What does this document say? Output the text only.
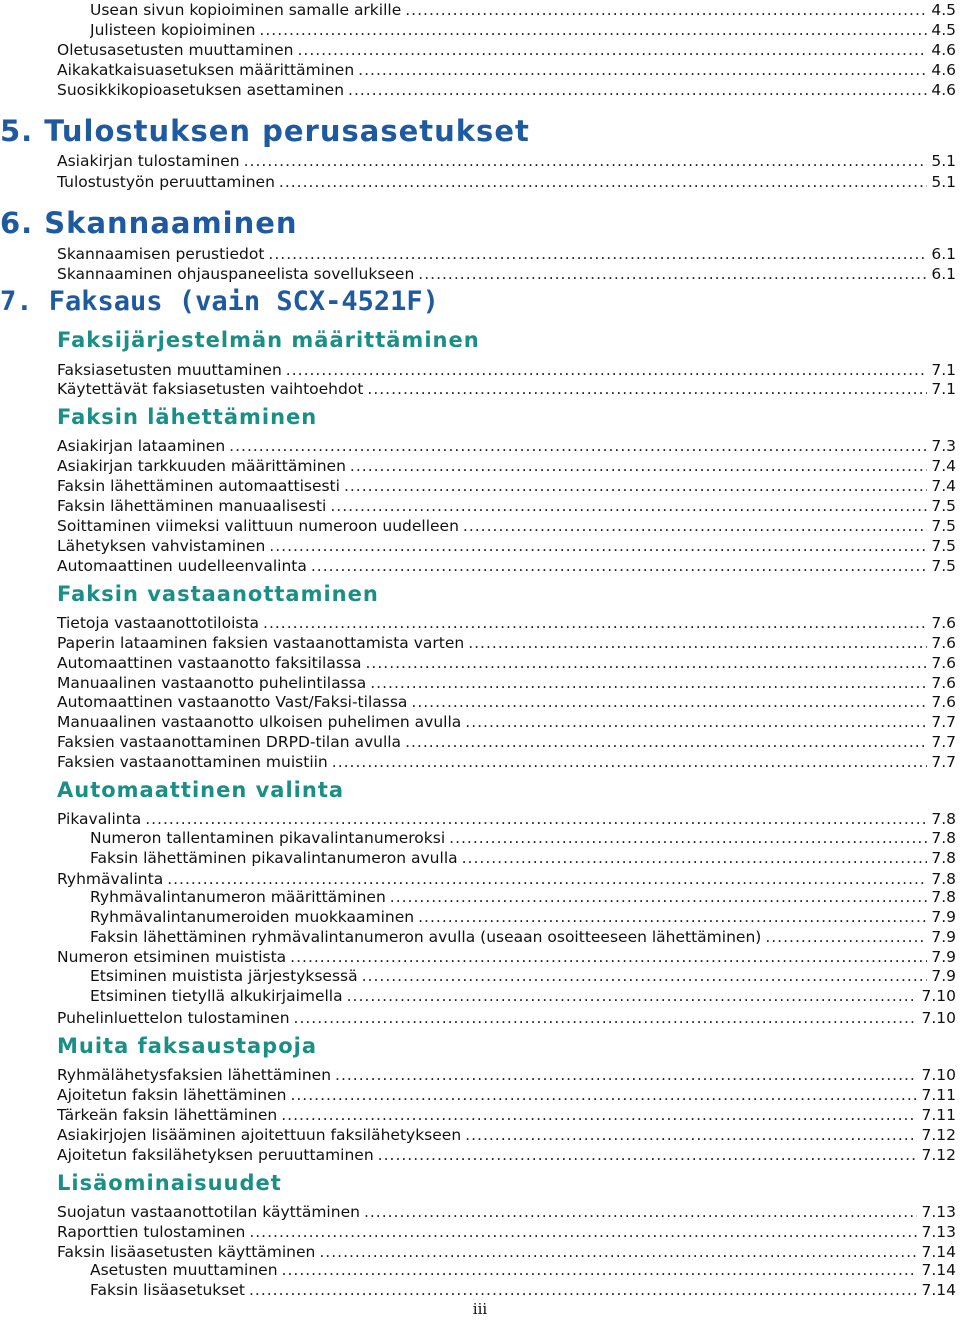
Usean sivun kopioiminen samalle arkille .....	4.5
Julisteen kopioiminen .....	4.5
Oletusasetusten muuttaminen .....	4.6
Aikakatkaisuasetuksen määrittäminen .....	4.6
Suosikkikopioasetuksen asettaminen .....	4.6
5. Tulostuksen perusasetukset
Asiakirjan tulostaminen .....	5.1
Tulostustyön peruuttaminen .....	5.1
6. Skannaaminen
Skannaamisen perustiedot .....	6.1
Skannaaminen ohjauspaneelista sovellukseen .....	6.1
7. Faksaus (vain SCX-4521F)
Faksijärjestelmän määrittäminen
Faksiasetusten muuttaminen .....	7.1
Käytettävät faksiasetusten vaihtoehdot .....	7.1
Faksin lähettäminen
Asiakirjan lataaminen .....	7.3
Asiakirjan tarkkuuden määrittäminen .....	7.4
Faksin lähettäminen automaattisesti .....	7.4
Faksin lähettäminen manuaalisesti .....	7.5
Soittaminen viimeksi valittuun numeroon uudelleen .....	7.5
Lähetyksen vahvistaminen .....	7.5
Automaattinen uudelleenvalinta .....	7.5
Faksin vastaanottaminen
Tietoja vastaanottotiloista .....	7.6
Paperin lataaminen faksien vastaanottamista varten .....	7.6
Automaattinen vastaanotto faksitilassa .....	7.6
Manuaalinen vastaanotto puhelintilassa .....	7.6
Automaattinen vastaanotto Vast/Faksi-tilassa .....	7.6
Manuaalinen vastaanotto ulkoisen puhelimen avulla .....	7.7
Faksien vastaanottaminen DRPD-tilan avulla .....	7.7
Faksien vastaanottaminen muistiin .....	7.7
Automaattinen valinta
Pikavalinta .....	7.8
Numeron tallentaminen pikavalintanumeroksi .....	7.8
Faksin lähettäminen pikavalintanumeron avulla .....	7.8
Ryhmävalinta .....	7.8
Ryhmävalintanumeron määrittäminen .....	7.8
Ryhmävalintanumeroiden muokkaaminen .....	7.9
Faksin lähettäminen ryhmävalintanumeron avulla (useaan osoitteeseen lähettäminen) .....	7.9
Numeron etsiminen muistista .....	7.9
Etsiminen muistista järjestyksessä .....	7.9
Etsiminen tietyllä alkukirjaimella .....	7.10
Puhelinluettelon tulostaminen .....	7.10
Muita faksaustapoja
Ryhmälähetysfaksien lähettäminen .....	7.10
Ajoitetun faksin lähettäminen .....	7.11
Tärkeän faksin lähettäminen .....	7.11
Asiakirjojen lisääminen ajoitettuun faksilähetykseen .....	7.12
Ajoitetun faksilähetyksen peruuttaminen .....	7.12
Lisäominaisuudet
Suojatun vastaanottotilan käyttäminen .....	7.13
Raporttien tulostaminen .....	7.13
Faksin lisäasetusten käyttäminen .....	7.14
Asetusten muuttaminen .....	7.14
Faksin lisäasetukset .....	7.14
iii
